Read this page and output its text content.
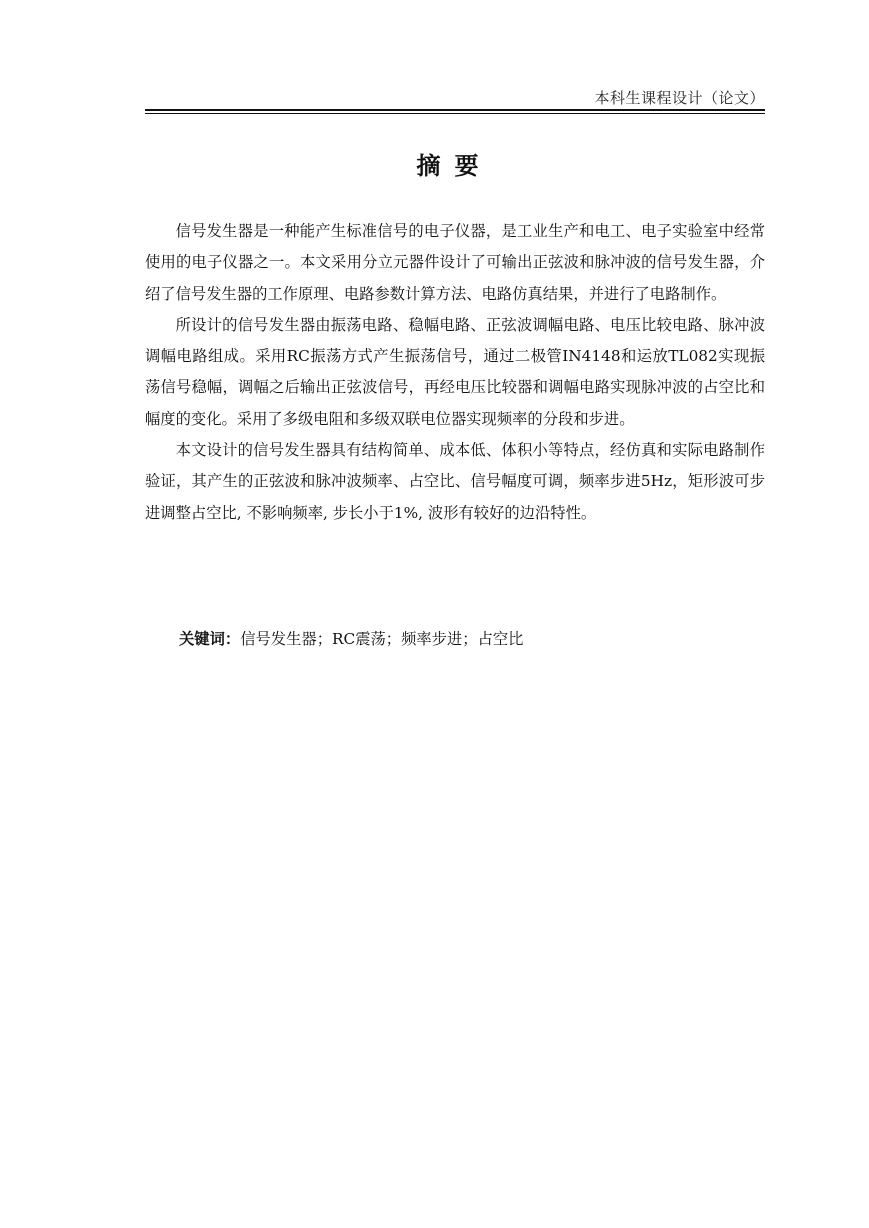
本科生课程设计（论文）
摘要

信号发生器是一种能产生标准信号的电子仪器，是工业生产和电工、电子实验室中经常使用的电子仪器之一。本文采用分立元器件设计了可输出正弦波和脉冲波的信号发生器，介绍了信号发生器的工作原理、电路参数计算方法、电路仿真结果，并进行了电路制作。

所设计的信号发生器由振荡电路、稳幅电路、正弦波调幅电路、电压比较电路、脉冲波调幅电路组成。采用RC振荡方式产生振荡信号，通过二极管IN4148和运放TL082实现振荡信号稳幅，调幅之后输出正弦波信号，再经电压比较器和调幅电路实现脉冲波的占空比和幅度的变化。采用了多级电阻和多级双联电位器实现频率的分段和步进。

本文设计的信号发生器具有结构简单、成本低、体积小等特点，经仿真和实际电路制作验证，其产生的正弦波和脉冲波频率、占空比、信号幅度可调，频率步进5Hz，矩形波可步进调整占空比, 不影响频率, 步长小于1%, 波形有较好的边沿特性。

关键词：信号发生器；RC震荡；频率步进；占空比
